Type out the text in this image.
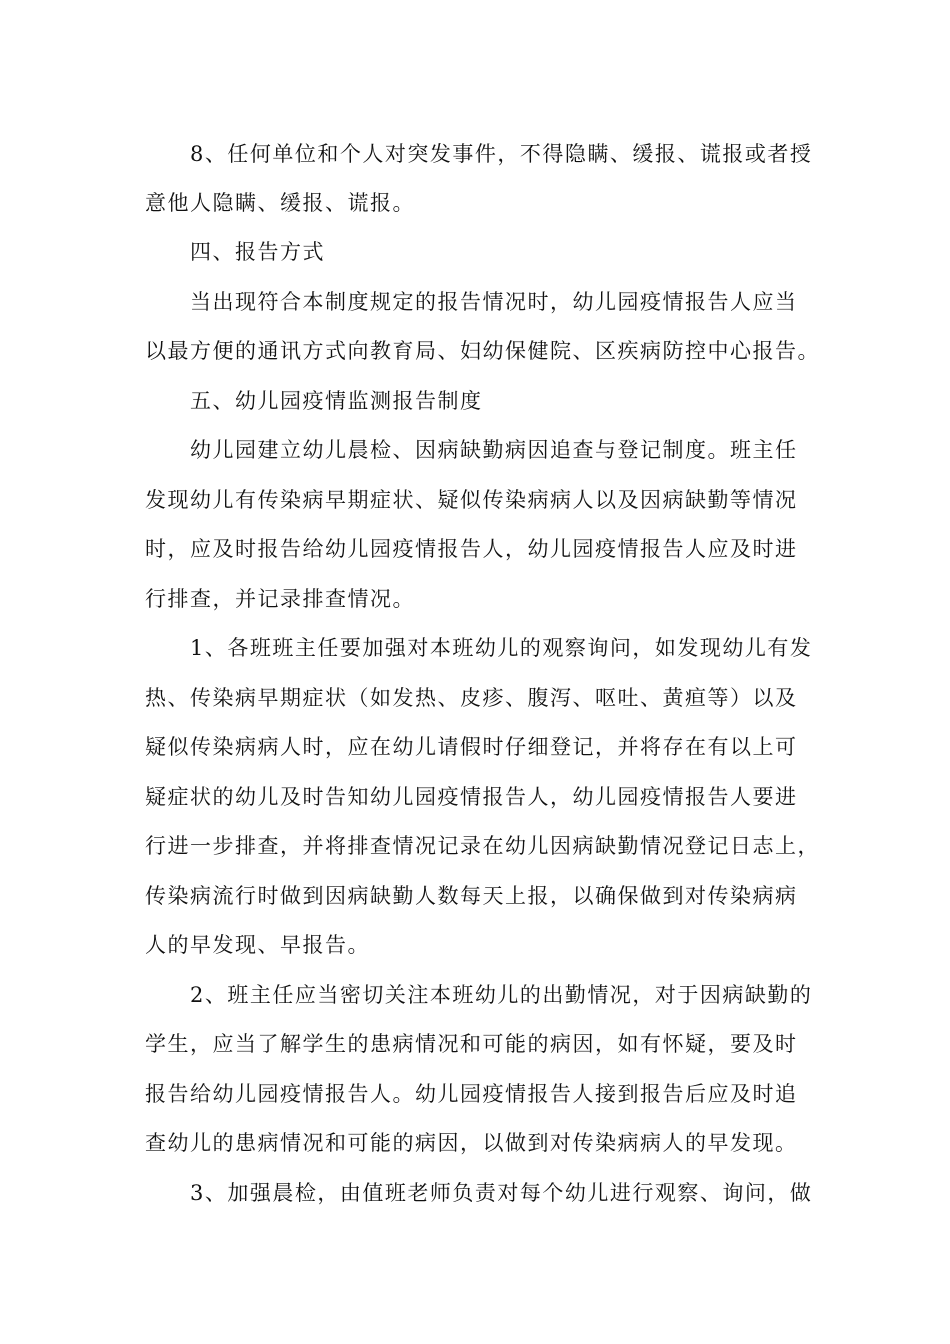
8、任何单位和个人对突发事件，不得隐瞒、缓报、谎报或者授
意他人隐瞒、缓报、谎报。
四、报告方式
当出现符合本制度规定的报告情况时，幼儿园疫情报告人应当
以最方便的通讯方式向教育局、妇幼保健院、区疾病防控中心报告。
五、幼儿园疫情监测报告制度
幼儿园建立幼儿晨检、因病缺勤病因追查与登记制度。班主任
发现幼儿有传染病早期症状、疑似传染病病人以及因病缺勤等情况
时，应及时报告给幼儿园疫情报告人，幼儿园疫情报告人应及时进
行排查，并记录排查情况。
1、各班班主任要加强对本班幼儿的观察询问，如发现幼儿有发
热、传染病早期症状（如发热、皮疹、腹泻、呕吐、黄疸等）以及
疑似传染病病人时，应在幼儿请假时仔细登记，并将存在有以上可
疑症状的幼儿及时告知幼儿园疫情报告人，幼儿园疫情报告人要进
行进一步排查，并将排查情况记录在幼儿因病缺勤情况登记日志上，
传染病流行时做到因病缺勤人数每天上报，以确保做到对传染病病
人的早发现、早报告。
2、班主任应当密切关注本班幼儿的出勤情况，对于因病缺勤的
学生，应当了解学生的患病情况和可能的病因，如有怀疑，要及时
报告给幼儿园疫情报告人。幼儿园疫情报告人接到报告后应及时追
查幼儿的患病情况和可能的病因，以做到对传染病病人的早发现。
3、加强晨检，由值班老师负责对每个幼儿进行观察、询问，做
